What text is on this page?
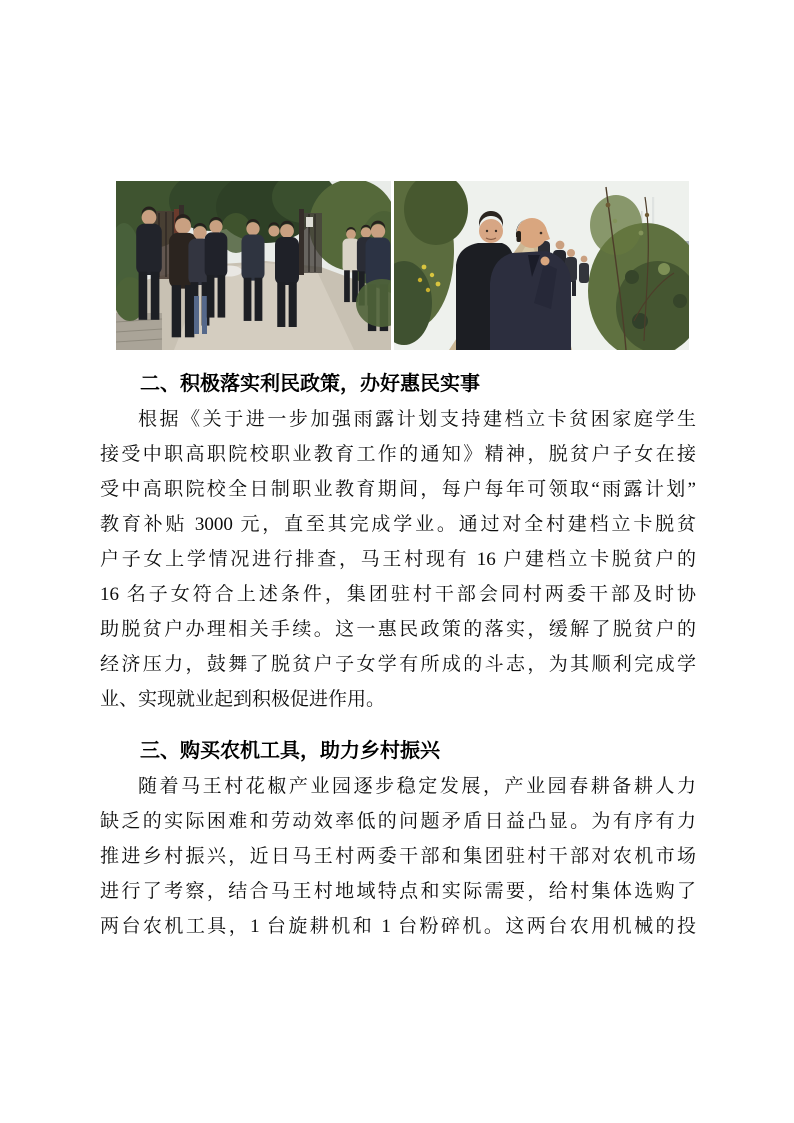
二、积极落实利民政策，办好惠民实事
根据《关于进一步加强雨露计划支持建档立卡贫困家庭学生
接受中职高职院校职业教育工作的通知》精神，脱贫户子女在接
受中高职院校全日制职业教育期间，每户每年可领取“雨露计划”
教育补贴 3000 元，直至其完成学业。通过对全村建档立卡脱贫
户子女上学情况进行排查，马王村现有 16 户建档立卡脱贫户的
16 名子女符合上述条件，集团驻村干部会同村两委干部及时协
助脱贫户办理相关手续。这一惠民政策的落实，缓解了脱贫户的
经济压力，鼓舞了脱贫户子女学有所成的斗志，为其顺利完成学
业、实现就业起到积极促进作用。
三、购买农机工具，助力乡村振兴
随着马王村花椒产业园逐步稳定发展，产业园春耕备耕人力
缺乏的实际困难和劳动效率低的问题矛盾日益凸显。为有序有力
推进乡村振兴，近日马王村两委干部和集团驻村干部对农机市场
进行了考察，结合马王村地域特点和实际需要，给村集体选购了
两台农机工具，1 台旋耕机和 1 台粉碎机。这两台农用机械的投
